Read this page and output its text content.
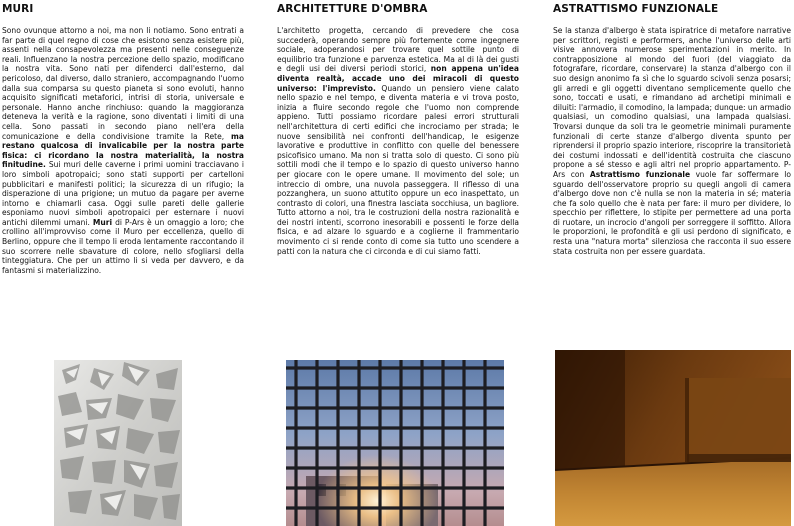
MURI

Sono ovunque attorno a noi, ma non li notiamo. Sono entrati a far parte di quel regno di cose che esistono senza esistere più, assenti nella consapevolezza ma presenti nelle conseguenze reali. Influenzano la nostra percezione dello spazio, modificano la nostra vita. Sono nati per difenderci dall'esterno, dal pericoloso, dal diverso, dallo straniero, accompagnando l'uomo dalla sua comparsa su questo pianeta si sono evoluti, hanno acquisito significati metaforici, intrisi di storia, universale e personale. Hanno anche rinchiuso: quando la maggioranza deteneva la verità e la ragione, sono diventati i limiti di una cella. Sono passati in secondo piano nell'era della comunicazione e della condivisione tramite la Rete, ma restano qualcosa di invalicabile per la nostra parte fisica: ci ricordano la nostra materialità, la nostra finitudine. Sui muri delle caverne i primi uomini tracciavano i loro simboli apotropaici; sono stati supporti per cartelloni pubblicitari e manifesti politici; la sicurezza di un rifugio; la disperazione di una prigione; un mutuo da pagare per averne intorno e chiamarli casa. Oggi sulle pareti delle gallerie esponiamo nuovi simboli apotropaici per esternare i nuovi antichi dilemmi umani. Muri di P-Ars è un omaggio a loro; che crollino all'improvviso come il Muro per eccellenza, quello di Berlino, oppure che il tempo li eroda lentamente raccontando il suo scorrere nelle sbavature di colore, nello sfogliarsi della tinteggiatura. Che per un attimo li si veda per davvero, e da fantasmi si materializzino.

ARCHITETTURE D'OMBRA

L'architetto progetta, cercando di prevedere che cosa succederà, operando sempre più fortemente come ingegnere sociale, adoperandosi per trovare quel sottile punto di equilibrio tra funzione e parvenza estetica. Ma al di là dei gusti e degli usi dei diversi periodi storici, non appena un'idea diventa realtà, accade uno dei miracoli di questo universo: l'imprevisto. Quando un pensiero viene calato nello spazio e nel tempo, e diventa materia e vi trova posto, inizia a fluire secondo regole che l'uomo non comprende appieno. Tutti possiamo ricordare palesi errori strutturali nell'architettura di certi edifici che incrociamo per strada; le nuove sensibilità nei confronti dell'handicap, le esigenze lavorative e produttive in conflitto con quelle del benessere psicofisico umano. Ma non si tratta solo di questo. Ci sono più sottili modi che il tempo e lo spazio di questo universo hanno per giocare con le opere umane. Il movimento del sole; un intreccio di ombre, una nuvola passeggera. Il riflesso di una pozzanghera, un suono attutito oppure un eco inaspettato, un contrasto di colori, una finestra lasciata socchiusa, un bagliore. Tutto attorno a noi, tra le costruzioni della nostra razionalità e dei nostri intenti, scorrono inesorabili e possenti le forze della fisica, e ad alzare lo sguardo e a coglierne il frammentario movimento ci si rende conto di come sia tutto uno scendere a patti con la natura che ci circonda e di cui siamo fatti.

ASTRATTISMO FUNZIONALE

Se la stanza d'albergo è stata ispiratrice di metafore narrative per scrittori, registi e performers, anche l'universo delle arti visive annovera numerose sperimentazioni in merito. In contrapposizione al mondo del fuori (del viaggiato da fotografare, ricordare, conservare) la stanza d'albergo con il suo design anonimo fa sì che lo sguardo scivoli senza posarsi; gli arredi e gli oggetti diventano semplicemente quello che sono, toccati e usati, e rimandano ad archetipi minimali e diluiti: l'armadio, il comodino, la lampada; dunque: un armadio qualsiasi, un comodino qualsiasi, una lampada qualsiasi. Trovarsi dunque da soli tra le geometrie minimali puramente funzionali di certe stanze d'albergo diventa spunto per riprendersi il proprio spazio interiore, riscoprire la transitorietà dei costumi indossati e dell'identità costruita che ciascuno propone a sé stesso e agli altri nel proprio appartamento. P-Ars con Astrattismo funzionale vuole far soffermare lo sguardo dell'osservatore proprio su quegli angoli di camera d'albergo dove non c'è nulla se non la materia in sé; materia che fa solo quello che è nata per fare: il muro per dividere, lo specchio per riflettere, lo stipite per permettere ad una porta di ruotare, un incrocio d'angoli per sorreggere il soffitto. Allora le proporzioni, le profondità e gli usi perdono di significato, e resta una "natura morta" silenziosa che racconta il suo essere stata costruita non per essere guardata.
